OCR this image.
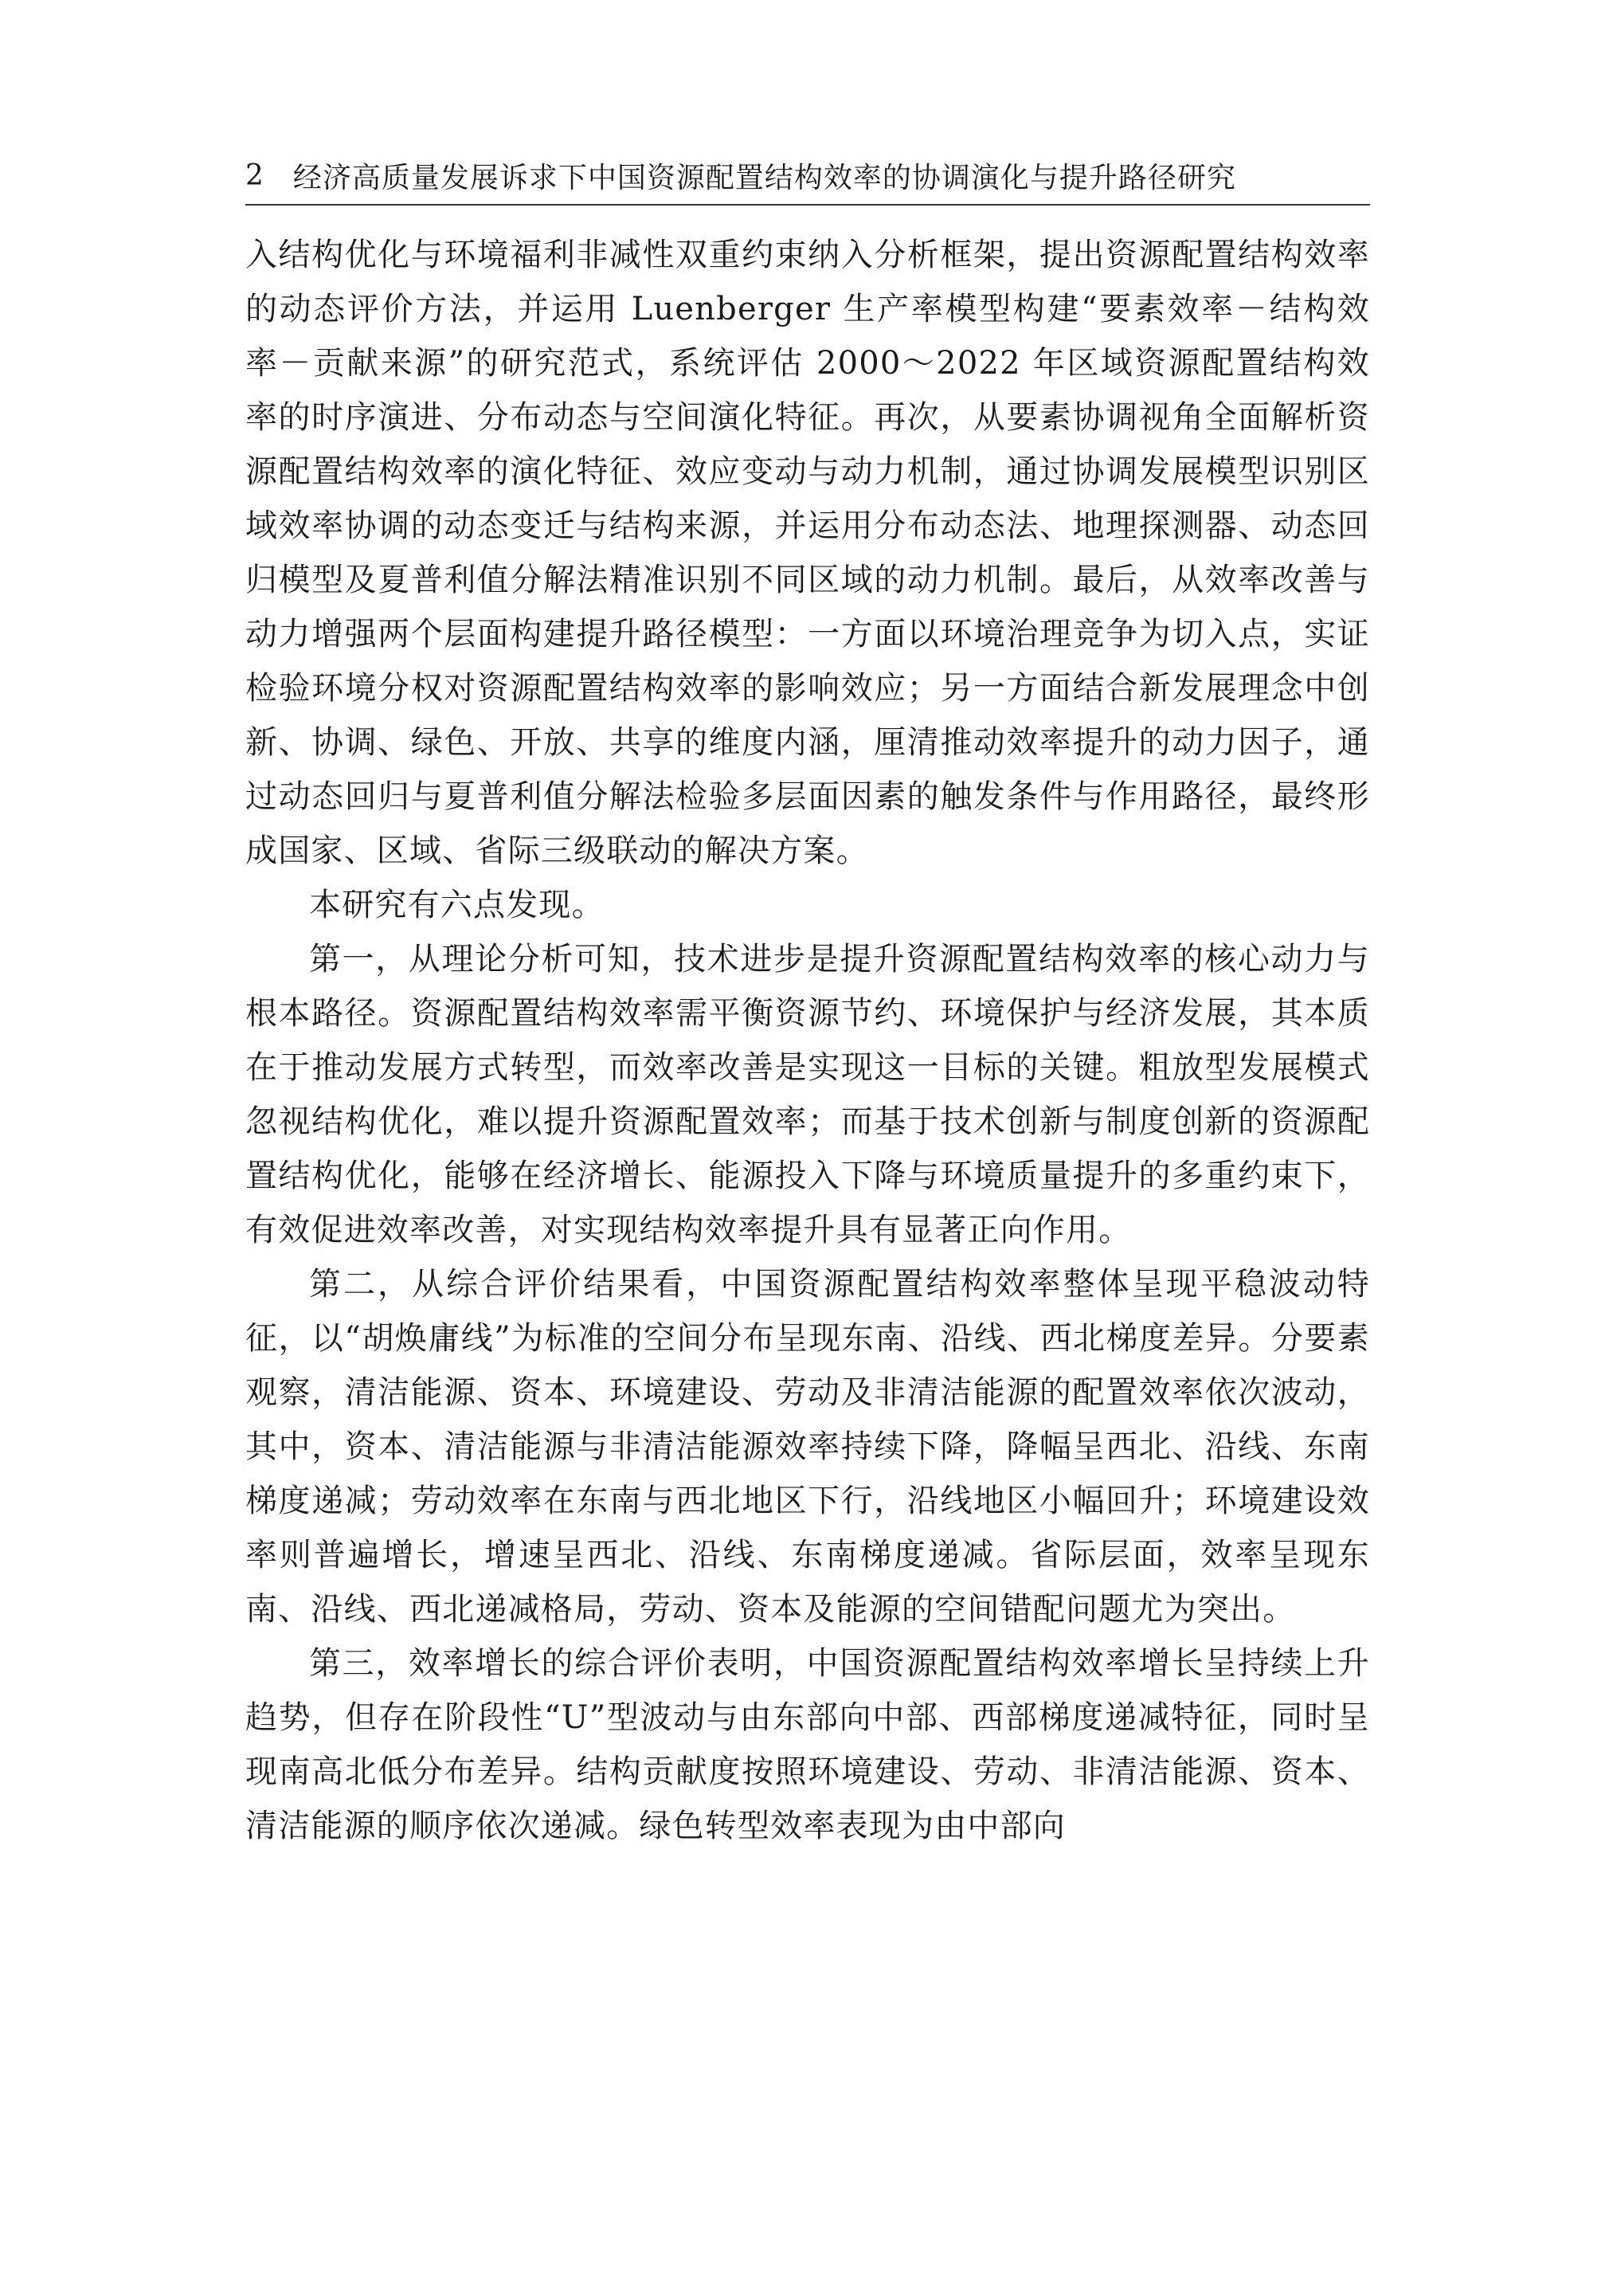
2 经济高质量发展诉求下中国资源配置结构效率的协调演化与提升路径研究

入结构优化与环境福利非减性双重约束纳入分析框架，提出资源配置结构效率的动态评价方法，并运用 Luenberger 生产率模型构建“要素效率－结构效率－贡献来源”的研究范式，系统评估 2000～2022 年区域资源配置结构效率的时序演进、分布动态与空间演化特征。再次，从要素协调视角全面解析资源配置结构效率的演化特征、效应变动与动力机制，通过协调发展模型识别区域效率协调的动态变迁与结构来源，并运用分布动态法、地理探测器、动态回归模型及夏普利值分解法精准识别不同区域的动力机制。最后，从效率改善与动力增强两个层面构建提升路径模型：一方面以环境治理竞争为切入点，实证检验环境分权对资源配置结构效率的影响效应；另一方面结合新发展理念中创新、协调、绿色、开放、共享的维度内涵，厘清推动效率提升的动力因子，通过动态回归与夏普利值分解法检验多层面因素的触发条件与作用路径，最终形成国家、区域、省际三级联动的解决方案。

本研究有六点发现。

第一，从理论分析可知，技术进步是提升资源配置结构效率的核心动力与根本路径。资源配置结构效率需平衡资源节约、环境保护与经济发展，其本质在于推动发展方式转型，而效率改善是实现这一目标的关键。粗放型发展模式忽视结构优化，难以提升资源配置效率；而基于技术创新与制度创新的资源配置结构优化，能够在经济增长、能源投入下降与环境质量提升的多重约束下，有效促进效率改善，对实现结构效率提升具有显著正向作用。

第二，从综合评价结果看，中国资源配置结构效率整体呈现平稳波动特征，以“胡焕庸线”为标准的空间分布呈现东南、沿线、西北梯度差异。分要素观察，清洁能源、资本、环境建设、劳动及非清洁能源的配置效率依次波动，其中，资本、清洁能源与非清洁能源效率持续下降，降幅呈西北、沿线、东南梯度递减；劳动效率在东南与西北地区下行，沿线地区小幅回升；环境建设效率则普遍增长，增速呈西北、沿线、东南梯度递减。省际层面，效率呈现东南、沿线、西北递减格局，劳动、资本及能源的空间错配问题尤为突出。

第三，效率增长的综合评价表明，中国资源配置结构效率增长呈持续上升趋势，但存在阶段性“U”型波动与由东部向中部、西部梯度递减特征，同时呈现南高北低分布差异。结构贡献度按照环境建设、劳动、非清洁能源、资本、清洁能源的顺序依次递减。绿色转型效率表现为由中部向
